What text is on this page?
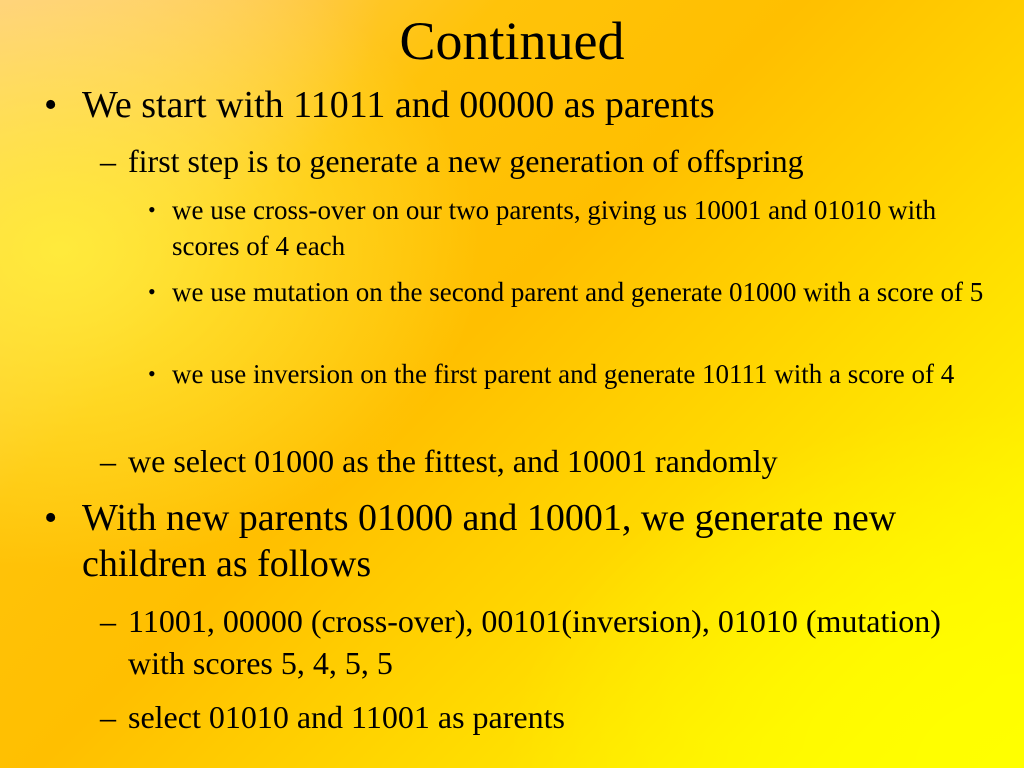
Continued
• We start with 11011 and 00000 as parents
– first step is to generate a new generation of offspring
• we use cross-over on our two parents, giving us 10001 and 01010 with scores of 4 each
• we use mutation on the second parent and generate 01000 with a score of 5
• we use inversion on the first parent and generate 10111 with a score of 4
– we select 01000 as the fittest, and 10001 randomly
• With new parents 01000 and 10001, we generate new children as follows
– 11001, 00000 (cross-over), 00101(inversion), 01010 (mutation) with scores 5, 4, 5, 5
– select 01010 and 11001 as parents
